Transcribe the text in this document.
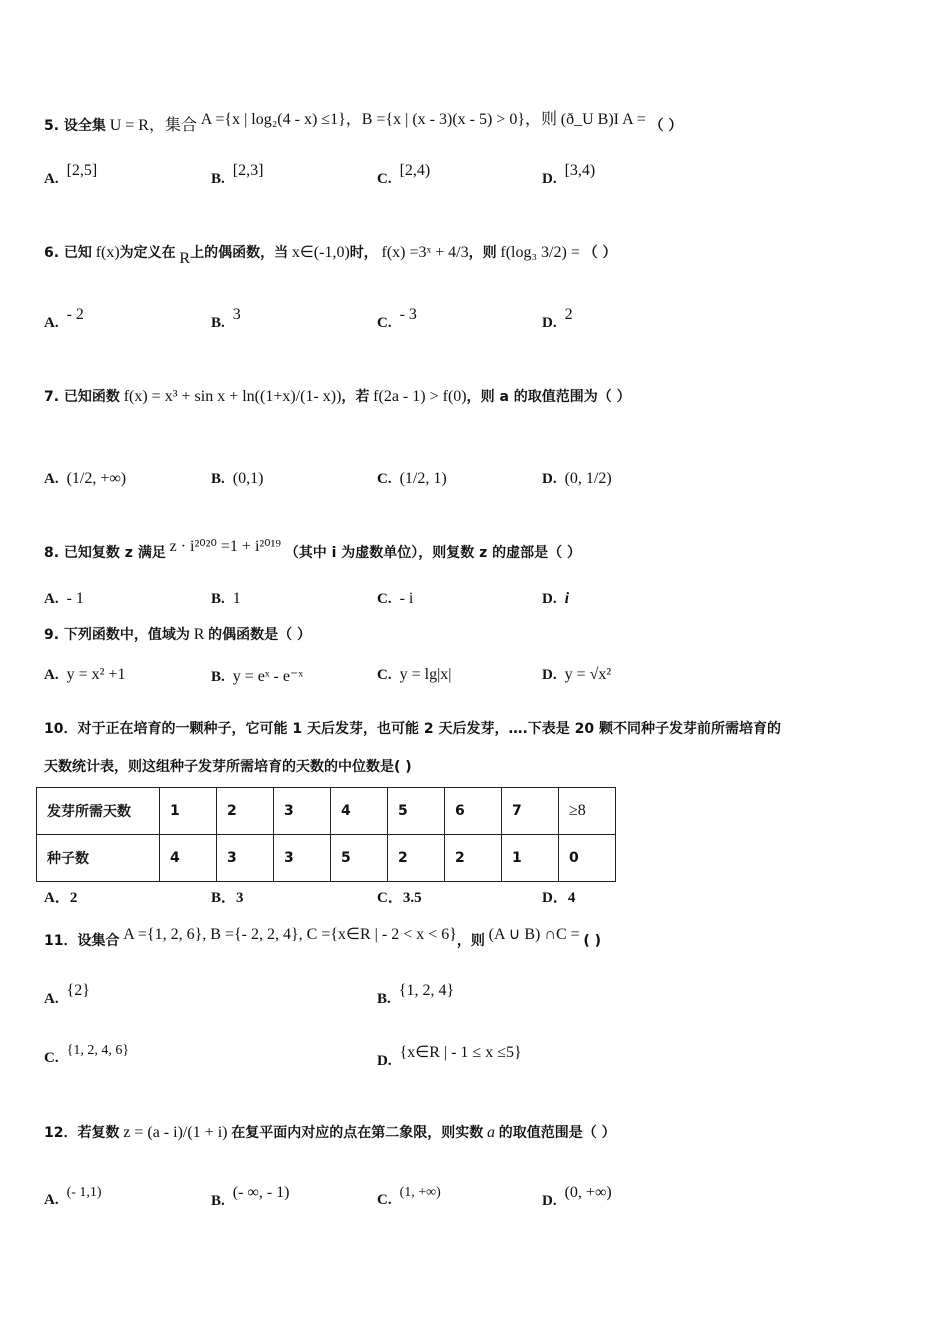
5. 设全集 U = R，集合 A ={x | log₂(4 - x) ≤1}，B ={x | (x - 3)(x - 5) > 0}，则 (ð_U B)I A = （ ）
A. [2,5]	B. [2,3]	C. [2,4)	D. [3,4)
6. 已知 f(x)为定义在 R上的偶函数，当 x∈(-1,0)时， f(x) =3ˣ + 4/3，则 f(log₃ 3/2) = （ ）
A. - 2	B. 3	C. - 3	D. 2
7. 已知函数 f(x) = x³ + sin x + ln((1+x)/(1- x))，若 f(2a - 1) > f(0)，则 a 的取值范围为（ ）
A. (1/2, +∞)	B. (0,1)	C. (1/2, 1)	D. (0, 1/2)
8. 已知复数 z 满足 z · i²⁰²⁰ =1 + i²⁰¹⁹ （其中 i 为虚数单位），则复数 z 的虚部是（ ）
A. - 1	B. 1	C. - i	D. i
9. 下列函数中，值域为 R 的偶函数是（ ）
A. y = x² +1	B. y = eˣ - e⁻ˣ	C. y = lg|x|	D. y = √x²
10．对于正在培育的一颗种子，它可能 1 天后发芽，也可能 2 天后发芽，….下表是 20 颗不同种子发芽前所需培育的
天数统计表，则这组种子发芽所需培育的天数的中位数是( )
发芽所需天数	1	2	3	4	5	6	7	≥8
种子数	4	3	3	5	2	2	1	0
A．2	B．3	C．3.5	D．4
11．设集合 A ={1, 2, 6}, B ={- 2, 2, 4}, C ={x∈R | - 2 < x < 6}，则 (A ∪ B) ∩C = ( )
A. {2}	B. {1, 2, 4}
C. {1, 2, 4, 6}
D. {x∈R | - 1 ≤ x ≤5}
12．若复数 z = (a - i)/(1 + i) 在复平面内对应的点在第二象限，则实数 a 的取值范围是（ ）
A. (- 1,1)
B. (- ∞, - 1)	C. (1, +∞)
D. (0, +∞)
